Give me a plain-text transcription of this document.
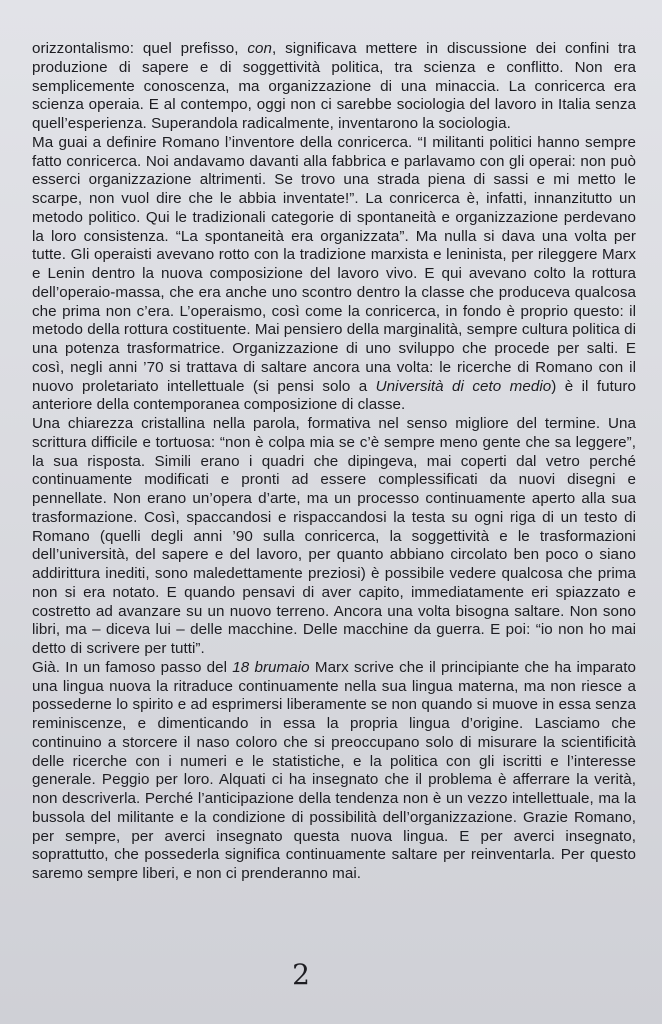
orizzontalismo: quel prefisso, con, significava mettere in discussione dei confini tra produzione di sapere e di soggettività politica, tra scienza e conflitto. Non era semplicemente conoscenza, ma organizzazione di una minaccia. La conricerca era scienza operaia. E al contempo, oggi non ci sarebbe sociologia del lavoro in Italia senza quell’esperienza. Superandola radicalmente, inventarono la sociologia.

Ma guai a definire Romano l’inventore della conricerca. “I militanti politici hanno sempre fatto conricerca. Noi andavamo davanti alla fabbrica e parlavamo con gli operai: non può esserci organizzazione altrimenti. Se trovo una strada piena di sassi e mi metto le scarpe, non vuol dire che le abbia inventate!”. La conricerca è, infatti, innanzitutto un metodo politico. Qui le tradizionali categorie di spontaneità e organizzazione perdevano la loro consistenza. “La spontaneità era organizzata”. Ma nulla si dava una volta per tutte. Gli operaisti avevano rotto con la tradizione marxista e leninista, per rileggere Marx e Lenin dentro la nuova composizione del lavoro vivo. E qui avevano colto la rottura dell’operaio-massa, che era anche uno scontro dentro la classe che produceva qualcosa che prima non c’era. L’operaismo, così come la conricerca, in fondo è proprio questo: il metodo della rottura costituente. Mai pensiero della marginalità, sempre cultura politica di una potenza trasformatrice. Organizzazione di uno sviluppo che procede per salti. E così, negli anni ’70 si trattava di saltare ancora una volta: le ricerche di Romano con il nuovo proletariato intellettuale (si pensi solo a Università di ceto medio) è il futuro anteriore della contemporanea composizione di classe.

Una chiarezza cristallina nella parola, formativa nel senso migliore del termine. Una scrittura difficile e tortuosa: “non è colpa mia se c’è sempre meno gente che sa leggere”, la sua risposta. Simili erano i quadri che dipingeva, mai coperti dal vetro perché continuamente modificati e pronti ad essere complessificati da nuovi disegni e pennellate. Non erano un’opera d’arte, ma un processo continuamente aperto alla sua trasformazione. Così, spaccandosi e rispaccandosi la testa su ogni riga di un testo di Romano (quelli degli anni ’90 sulla conricerca, la soggettività e le trasformazioni dell’università, del sapere e del lavoro, per quanto abbiano circolato ben poco o siano addirittura inediti, sono maledettamente preziosi) è possibile vedere qualcosa che prima non si era notato. E quando pensavi di aver capito, immediatamente eri spiazzato e costretto ad avanzare su un nuovo terreno. Ancora una volta bisogna saltare. Non sono libri, ma – diceva lui – delle macchine. Delle macchine da guerra. E poi: “io non ho mai detto di scrivere per tutti”.

Già. In un famoso passo del 18 brumaio Marx scrive che il principiante che ha imparato una lingua nuova la ritraduce continuamente nella sua lingua materna, ma non riesce a possederne lo spirito e ad esprimersi liberamente se non quando si muove in essa senza reminiscenze, e dimenticando in essa la propria lingua d’origine. Lasciamo che continuino a storcere il naso coloro che si preoccupano solo di misurare la scientificità delle ricerche con i numeri e le statistiche, e la politica con gli iscritti e l’interesse generale. Peggio per loro. Alquati ci ha insegnato che il problema è afferrare la verità, non descriverla. Perché l’anticipazione della tendenza non è un vezzo intellettuale, ma la bussola del militante e la condizione di possibilità dell’organizzazione. Grazie Romano, per sempre, per averci insegnato questa nuova lingua. E per averci insegnato, soprattutto, che possederla significa continuamente saltare per reinventarla. Per questo saremo sempre liberi, e non ci prenderanno mai.

2
